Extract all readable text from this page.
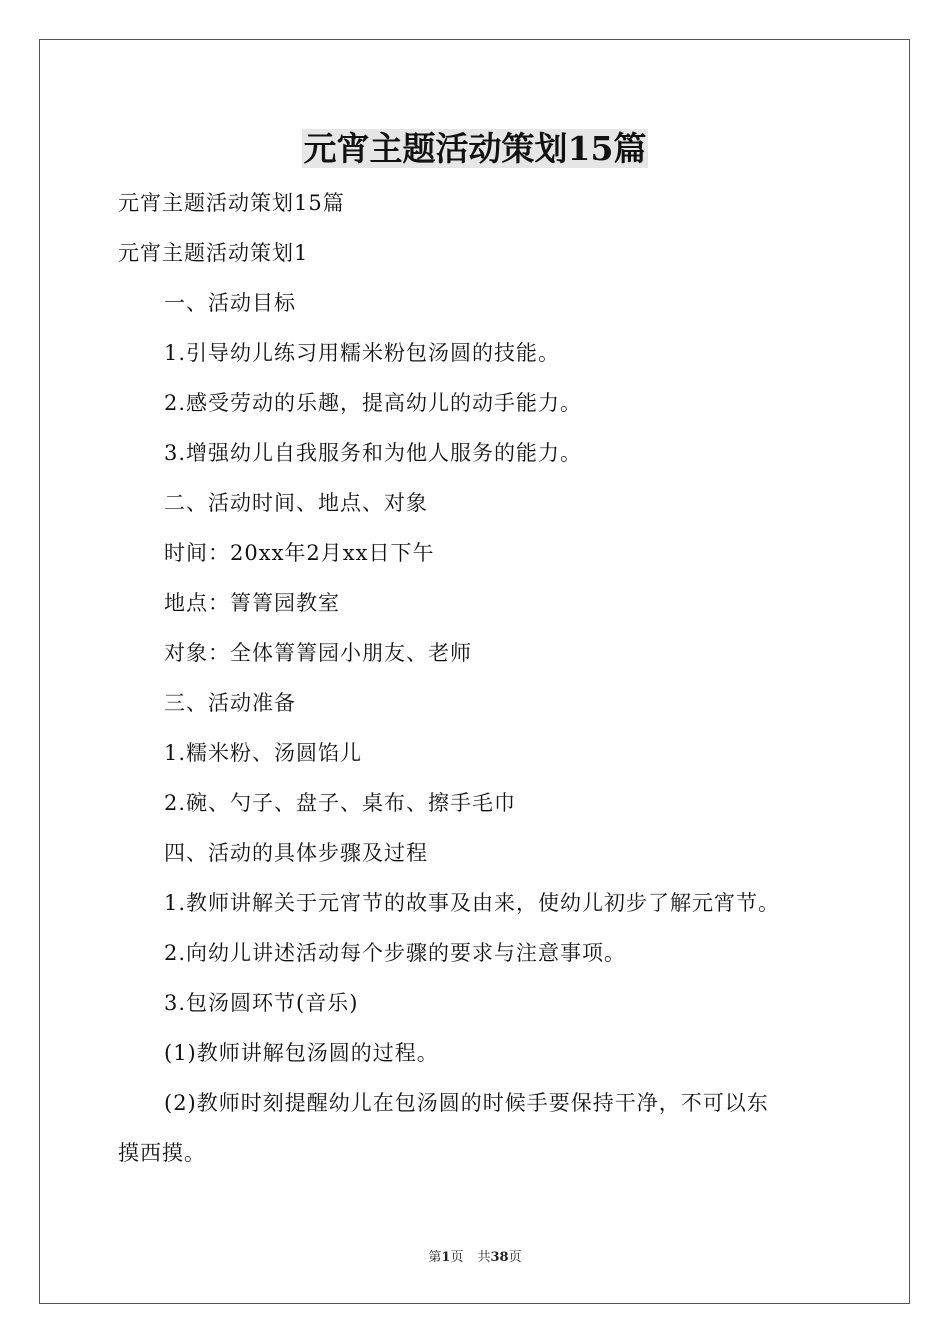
元宵主题活动策划15篇

元宵主题活动策划15篇

元宵主题活动策划1

一、活动目标

1.引导幼儿练习用糯米粉包汤圆的技能。

2.感受劳动的乐趣，提高幼儿的动手能力。

3.增强幼儿自我服务和为他人服务的能力。

二、活动时间、地点、对象

时间：20xx年2月xx日下午

地点：箐箐园教室

对象：全体箐箐园小朋友、老师

三、活动准备

1.糯米粉、汤圆馅儿

2.碗、勺子、盘子、桌布、擦手毛巾

四、活动的具体步骤及过程

1.教师讲解关于元宵节的故事及由来，使幼儿初步了解元宵节。

2.向幼儿讲述活动每个步骤的要求与注意事项。

3.包汤圆环节(音乐)

(1)教师讲解包汤圆的过程。

(2)教师时刻提醒幼儿在包汤圆的时候手要保持干净，不可以东
摸西摸。

第1页 共38页
